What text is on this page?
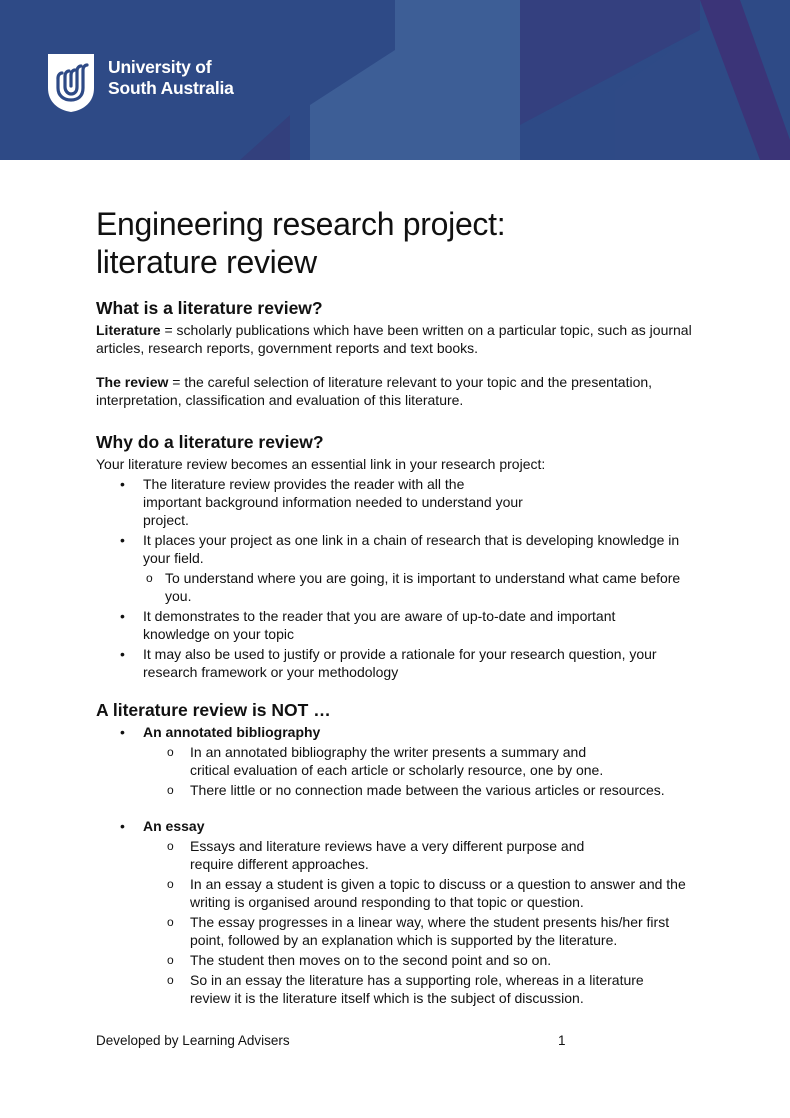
University of
South Australia
Engineering research project:
literature review
What is a literature review?

Literature = scholarly publications which have been written on a particular topic, such as journal articles, research reports, government reports and text books.

The review = the careful selection of literature relevant to your topic and the presentation, interpretation, classification and evaluation of this literature.

Why do a literature review?

Your literature review becomes an essential link in your research project:

• The literature review provides the reader with all the important background information needed to understand your project.
• It places your project as one link in a chain of research that is developing knowledge in your field.
o To understand where you are going, it is important to understand what came before you.
• It demonstrates to the reader that you are aware of up-to-date and important knowledge on your topic
• It may also be used to justify or provide a rationale for your research question, your research framework or your methodology
A literature review is NOT …
• An annotated bibliography
o In an annotated bibliography the writer presents a summary and critical evaluation of each article or scholarly resource, one by one.
o There little or no connection made between the various articles or resources.
• An essay
o Essays and literature reviews have a very different purpose and require different approaches.
o In an essay a student is given a topic to discuss or a question to answer and the writing is organised around responding to that topic or question.
o The essay progresses in a linear way, where the student presents his/her first point, followed by an explanation which is supported by the literature.
o The student then moves on to the second point and so on.
o So in an essay the literature has a supporting role, whereas in a literature review it is the literature itself which is the subject of discussion.
Developed by Learning Advisers	1
